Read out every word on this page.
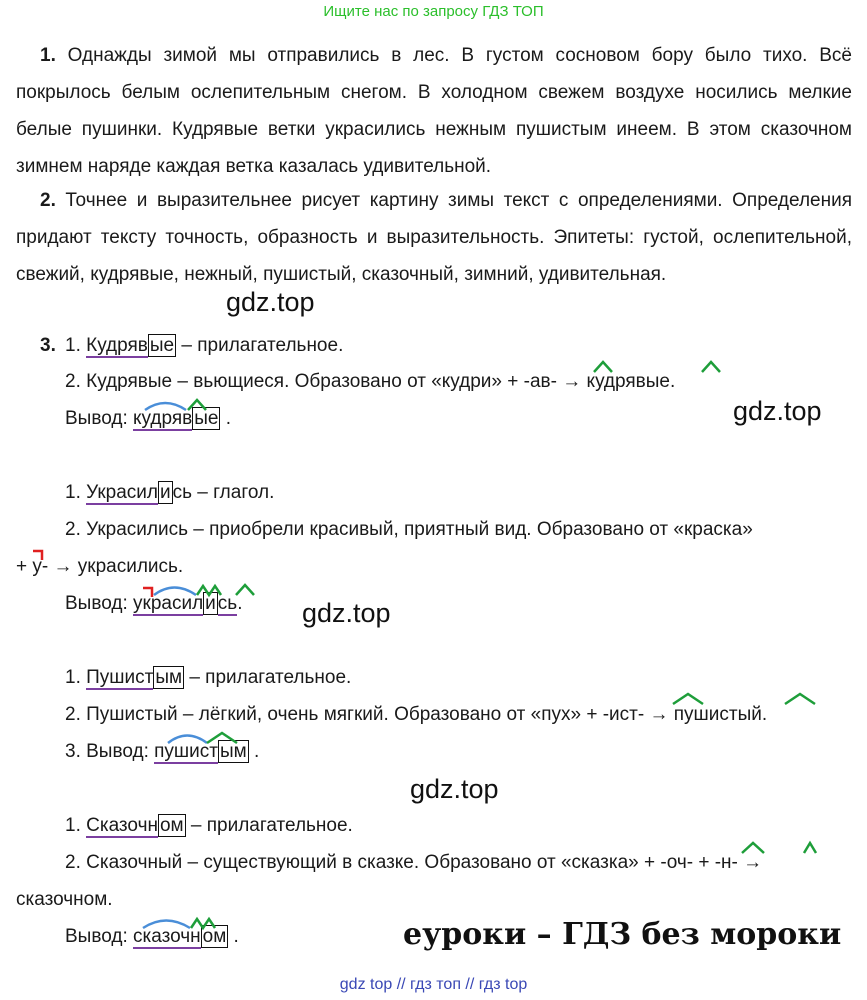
Ищите нас по запросу ГДЗ ТОП
1. Однажды зимой мы отправились в лес. В густом сосновом бору было тихо. Всё покрылось белым ослепительным снегом. В холодном свежем воздухе носились мелкие белые пушинки. Кудрявые ветки украсились нежным пушистым инеем. В этом сказочном зимнем наряде каждая ветка казалась удивительной.
2. Точнее и выразительнее рисует картину зимы текст с определениями. Определения придают тексту точность, образность и выразительность. Эпитеты: густой, ослепительной, свежий, кудрявые, нежный, пушистый, сказочный, зимний, удивительная.
gdz.top
3. 1. Кудряв ые – прилагательное.
2. Кудрявые – вьющиеся. Образовано от «кудри» + -ав- → кудрявые.
Вывод: кудряв ые .	gdz.top
1. Украсил и сь – глагол.
2. Украсились – приобрели красивый, приятный вид. Образовано от «краска»
+ у- → украсились.
Вывод: украсил и сь. gdz.top
1. Пушист ым – прилагательное.
2. Пушистый – лёгкий, очень мягкий. Образовано от «пух» + -ист- → пушистый.
3. Вывод: пушист ым .
gdz.top
1. Сказочн ом – прилагательное.
2. Сказочный – существующий в сказке. Образовано от «сказка» + -оч- + -н- →
сказочном.
Вывод: сказочн ом .	еуроки – ГДЗ без мороки
gdz top // гдз топ // гдз top
